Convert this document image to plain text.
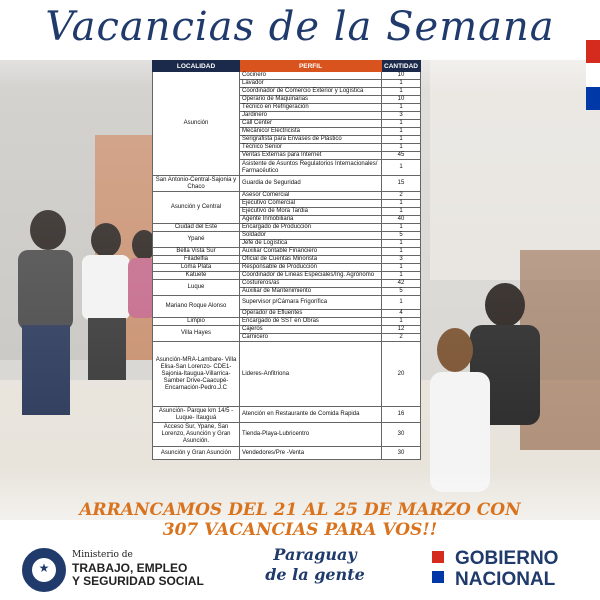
Vacancias de la Semana
LOCALIDAD	PERFIL	CANTIDAD
Asunción	Cocinero	10
	Lavador	1
	Coordinador de Comercio Exterior y Logística	1
	Operario de Maquinarias	10
	Técnico en Refrigeración	1
	Jardinero	3
	Call Center	1
	Mecánico/ Electricista	1
	Serigrafista para Envases de Plástico	1
	Técnico Senior	1
	Ventas Externas para Internet	45
	Asistente de Asuntos Regulatorios Internacionales/ Farmacéutico	1
San Antonio-Central-Sajonia y Chaco	Guardia de Seguridad	15
Asunción y Central	Asesor Comercial	2
	Ejecutivo Comercial	1
	Ejecutivo de Mora Tardia	1
	Agente Inmobiliaria	40
Ciudad del Este	Encargado de Producción	1
Ypané	Soldador	5
	Jefe de Logística	1
Bella Vista Sur	Auxiliar Contable Financiero	1
Filadelfia	Oficial de Cuentas Minorista	3
Loma Plata	Responsable de Producción	1
Katuete	Coordinador de Lineas Especiales/Ing. Agrónomo	1
Luque	Costureros/as	42
	Auxiliar de Mantenimiento	5
Mariano Roque Alonso	Supervisor p/Cámara Frigorífica	1
	Operador de Efluentes	4
Limpio	Encargado de SST en Obras	1
Villa Hayes	Cajeros	12
	Carnicero	2
Asunción-MRA-Lambare- Villa Elisa-San Lorenzo- CDE1-Sajonia-Itaugua-Villarrica-Samber Drive-Caacupé-Encarnación-Pedro.J.C	Lideres-Anfitriona	20
Asunción- Parque km 14/5 - Luque- Itauguá	Atención en Restaurante de Comida Rapida	16
Acceso Sur, Ypane, San Lorenzo, Asunción y Gran Asunción.	Tienda-Playa-Lubricentro	30
Asunción y Gran Asunción	Vendedores/Pre -Venta	30
ARRANCAMOS DEL 21 AL 25 DE MARZO CON
307 VACANCIAS PARA VOS!!
★
Ministerio de
TRABAJO, EMPLEO
Y SEGURIDAD SOCIAL
Paraguay
de la gente
GOBIERNO
NACIONAL
